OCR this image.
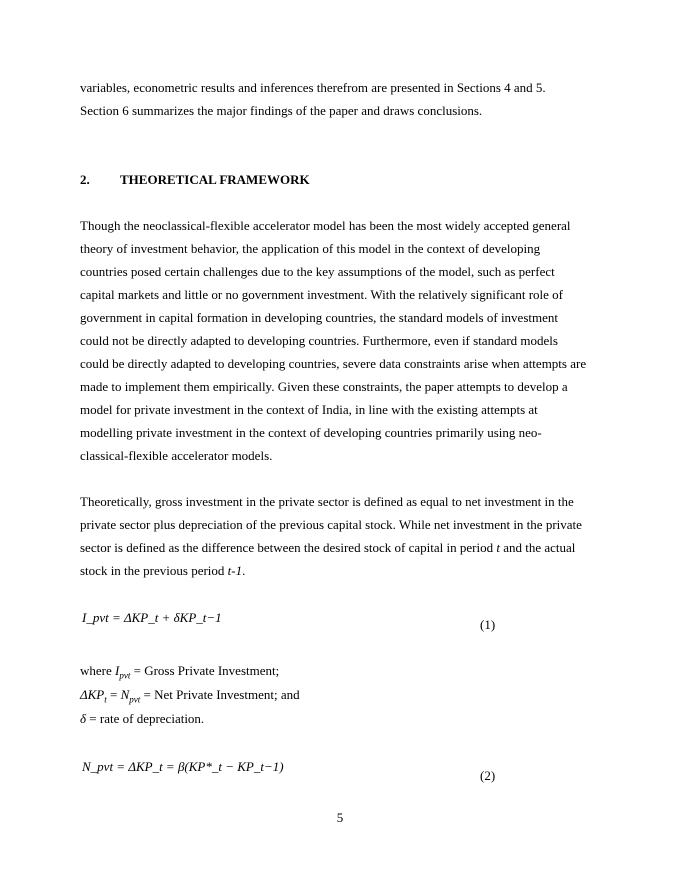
variables, econometric results and inferences therefrom are presented in Sections 4 and 5.
Section 6 summarizes the major findings of the paper and draws conclusions.
2. THEORETICAL FRAMEWORK
Though the neoclassical-flexible accelerator model has been the most widely accepted general
theory of investment behavior, the application of this model in the context of developing
countries posed certain challenges due to the key assumptions of the model, such as perfect
capital markets and little or no government investment. With the relatively significant role of
government in capital formation in developing countries, the standard models of investment
could not be directly adapted to developing countries. Furthermore, even if standard models
could be directly adapted to developing countries, severe data constraints arise when attempts are
made to implement them empirically. Given these constraints, the paper attempts to develop a
model for private investment in the context of India, in line with the existing attempts at
modelling private investment in the context of developing countries primarily using neo-
classical-flexible accelerator models.
Theoretically, gross investment in the private sector is defined as equal to net investment in the
private sector plus depreciation of the previous capital stock. While net investment in the private
sector is defined as the difference between the desired stock of capital in period t and the actual
stock in the previous period t-1.
I_pvt = ΔKP_t + δKP_t−1	(1)
where $I_{pvt}$ = Gross Private Investment;
$\Delta KP_t = N_{pvt}$ = Net Private Investment; and
δ = rate of depreciation.
N_pvt = ΔKP_t = β(KP*_t − KP_t−1)
(2)
5
